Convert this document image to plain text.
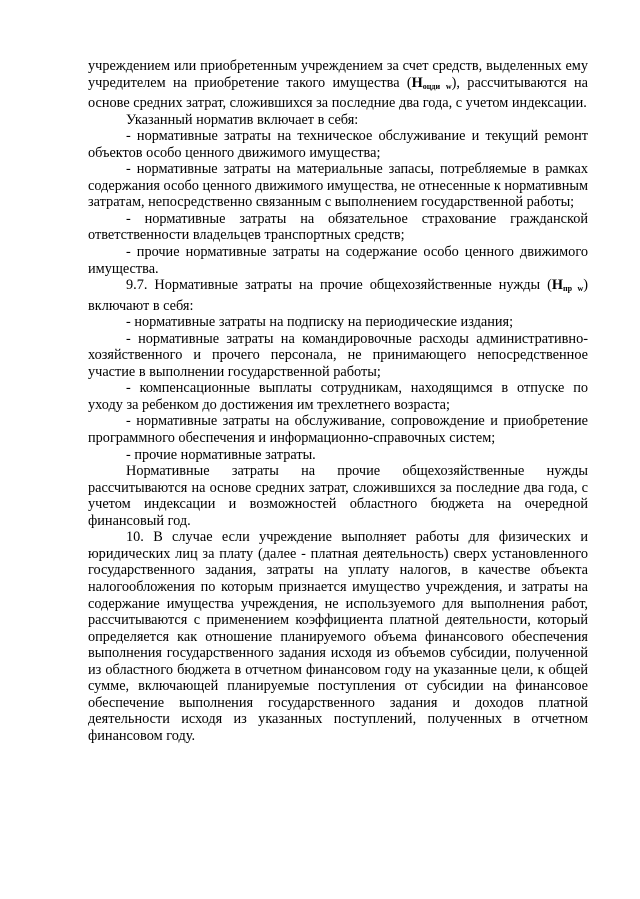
учреждением или приобретенным учреждением за счет средств, выделенных ему учредителем на приобретение такого имущества $(Н_{оцди w})$, рассчитываются на основе средних затрат, сложившихся за последние два года, с учетом индексации.

Указанный норматив включает в себя:

- нормативные затраты на техническое обслуживание и текущий ремонт объектов особо ценного движимого имущества;

- нормативные затраты на материальные запасы, потребляемые в рамках содержания особо ценного движимого имущества, не отнесенные к нормативным затратам, непосредственно связанным с выполнением государственной работы;

- нормативные затраты на обязательное страхование гражданской ответственности владельцев транспортных средств;

- прочие нормативные затраты на содержание особо ценного движимого имущества.

9.7. Нормативные затраты на прочие общехозяйственные нужды $(Н_{пр w})$ включают в себя:

- нормативные затраты на подписку на периодические издания;

- нормативные затраты на командировочные расходы административно-хозяйственного и прочего персонала, не принимающего непосредственное участие в выполнении государственной работы;

- компенсационные выплаты сотрудникам, находящимся в отпуске по уходу за ребенком до достижения им трехлетнего возраста;

- нормативные затраты на обслуживание, сопровождение и приобретение программного обеспечения и информационно-справочных систем;

- прочие нормативные затраты.

Нормативные затраты на прочие общехозяйственные нужды рассчитываются на основе средних затрат, сложившихся за последние два года, с учетом индексации и возможностей областного бюджета на очередной финансовый год.

10. В случае если учреждение выполняет работы для физических и юридических лиц за плату (далее - платная деятельность) сверх установленного государственного задания, затраты на уплату налогов, в качестве объекта налогообложения по которым признается имущество учреждения, и затраты на содержание имущества учреждения, не используемого для выполнения работ, рассчитываются с применением коэффициента платной деятельности, который определяется как отношение планируемого объема финансового обеспечения выполнения государственного задания исходя из объемов субсидии, полученной из областного бюджета в отчетном финансовом году на указанные цели, к общей сумме, включающей планируемые поступления от субсидии на финансовое обеспечение выполнения государственного задания и доходов платной деятельности исходя из указанных поступлений, полученных в отчетном финансовом году.
